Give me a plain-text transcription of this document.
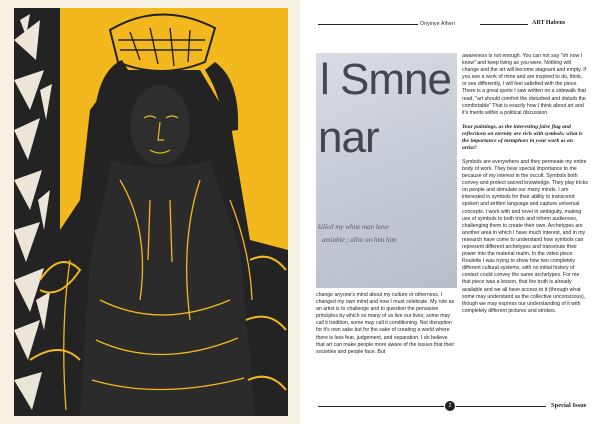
Onyinye Alheri	ART Habens
l Smne
nar
killed my white man have
amiable ; allot on him him

change anyone's mind about my culture or otherness. I changed my own mind and now I must celebrate. My role as an artist is to challenge and to question the pervasive principles by which so many of us live our lives; some may call it tradition, some may call it conditioning. Not disruption for it's own sake but for the sake of creating a world where there is less fear, judgement, and separation. I do believe that art can make people more aware of the issues that their societies and people face. But

awareness is not enough. You can not say "oh now I know" and keep living as you were. Nothing will change and the art will become stagnant and empty. If you see a work of mine and are inspired to do, think, or see differently, I will feel satisfied with the piece. There is a great quote I saw written on a sidewalk that read, "art should comfort the disturbed and disturb the comfortable" That is exactly how I think about art and it's merits within a political discussion.

Your paintings, as the interesting false flag and reflections on eternity are rich with symbols: what is the importance of metaphors in your work as an artist?

Symbols are everywhere and they permeate my entire body of work. They bear special importance to me because of my interest in the occult. Symbols both convey and protect sacred knowledge. They play tricks on people and stimulate our many minds. I am interested in symbols for their ability to transcend spoken and written language and capture universal concepts. I work with and revel in ambiguity, making use of symbols to both trick and inform audiences, challenging them to create their own. Archetypes are another area in which I have much interest, and in my research have come to understand how symbols can represent different archetypes and transmute their power into the material realm. In the video piece Roulette I was trying to show how two completely different cultural systems, with no initial history of contact could convey the same archetypes. For me that piece was a lesson, that the truth is already available and we all have access to it (through what some may understand as the collective unconscious), though we may express our understanding of it with completely different pictures and strokes.

2	Special Issue
